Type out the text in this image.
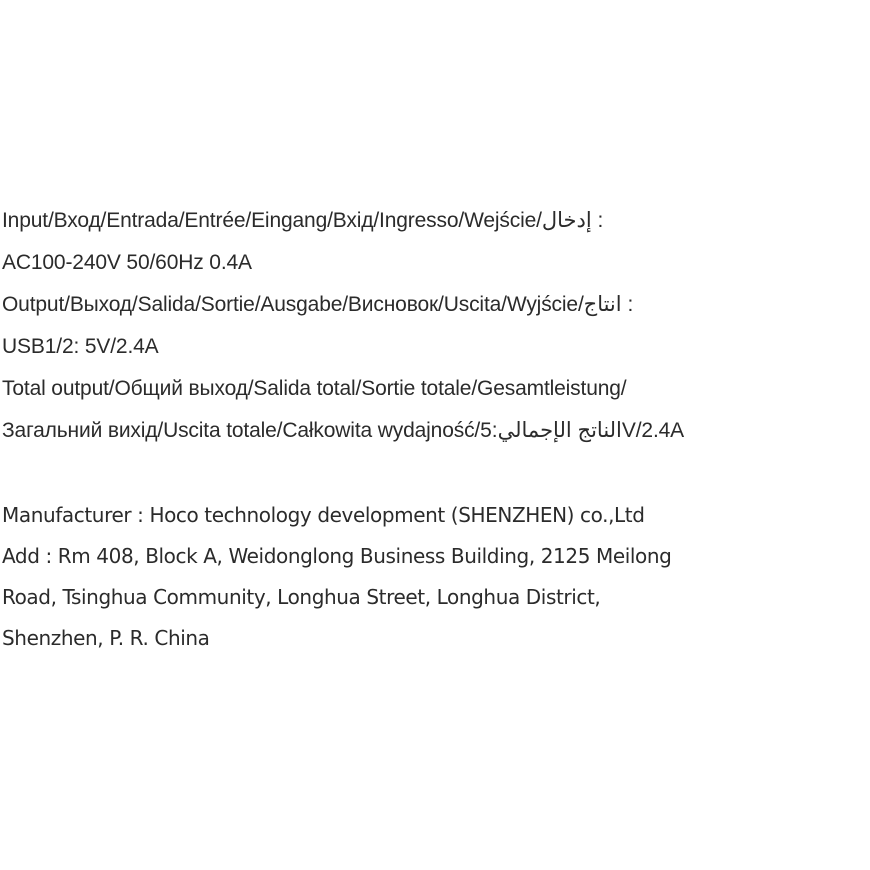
Input/Вход/Entrada/Entrée/Eingang/Вхід/Ingresso/Wejście/إدخال :
AC100-240V 50/60Hz 0.4A
Output/Выход/Salida/Sortie/Ausgabe/Висновок/Uscita/Wyjście/انتاج :
USB1/2: 5V/2.4A
Total output/Общий выход/Salida total/Sortie totale/Gesamtleistung/
Загальний вихід/Uscita totale/Całkowita wydajność/الناتج الإجمالي:5V/2.4A
Manufacturer : Hoco technology development (SHENZHEN) co.,Ltd
Add : Rm 408, Block A, Weidonglong Business Building, 2125 Meilong
Road, Tsinghua Community, Longhua Street, Longhua District,
Shenzhen, P. R. China
